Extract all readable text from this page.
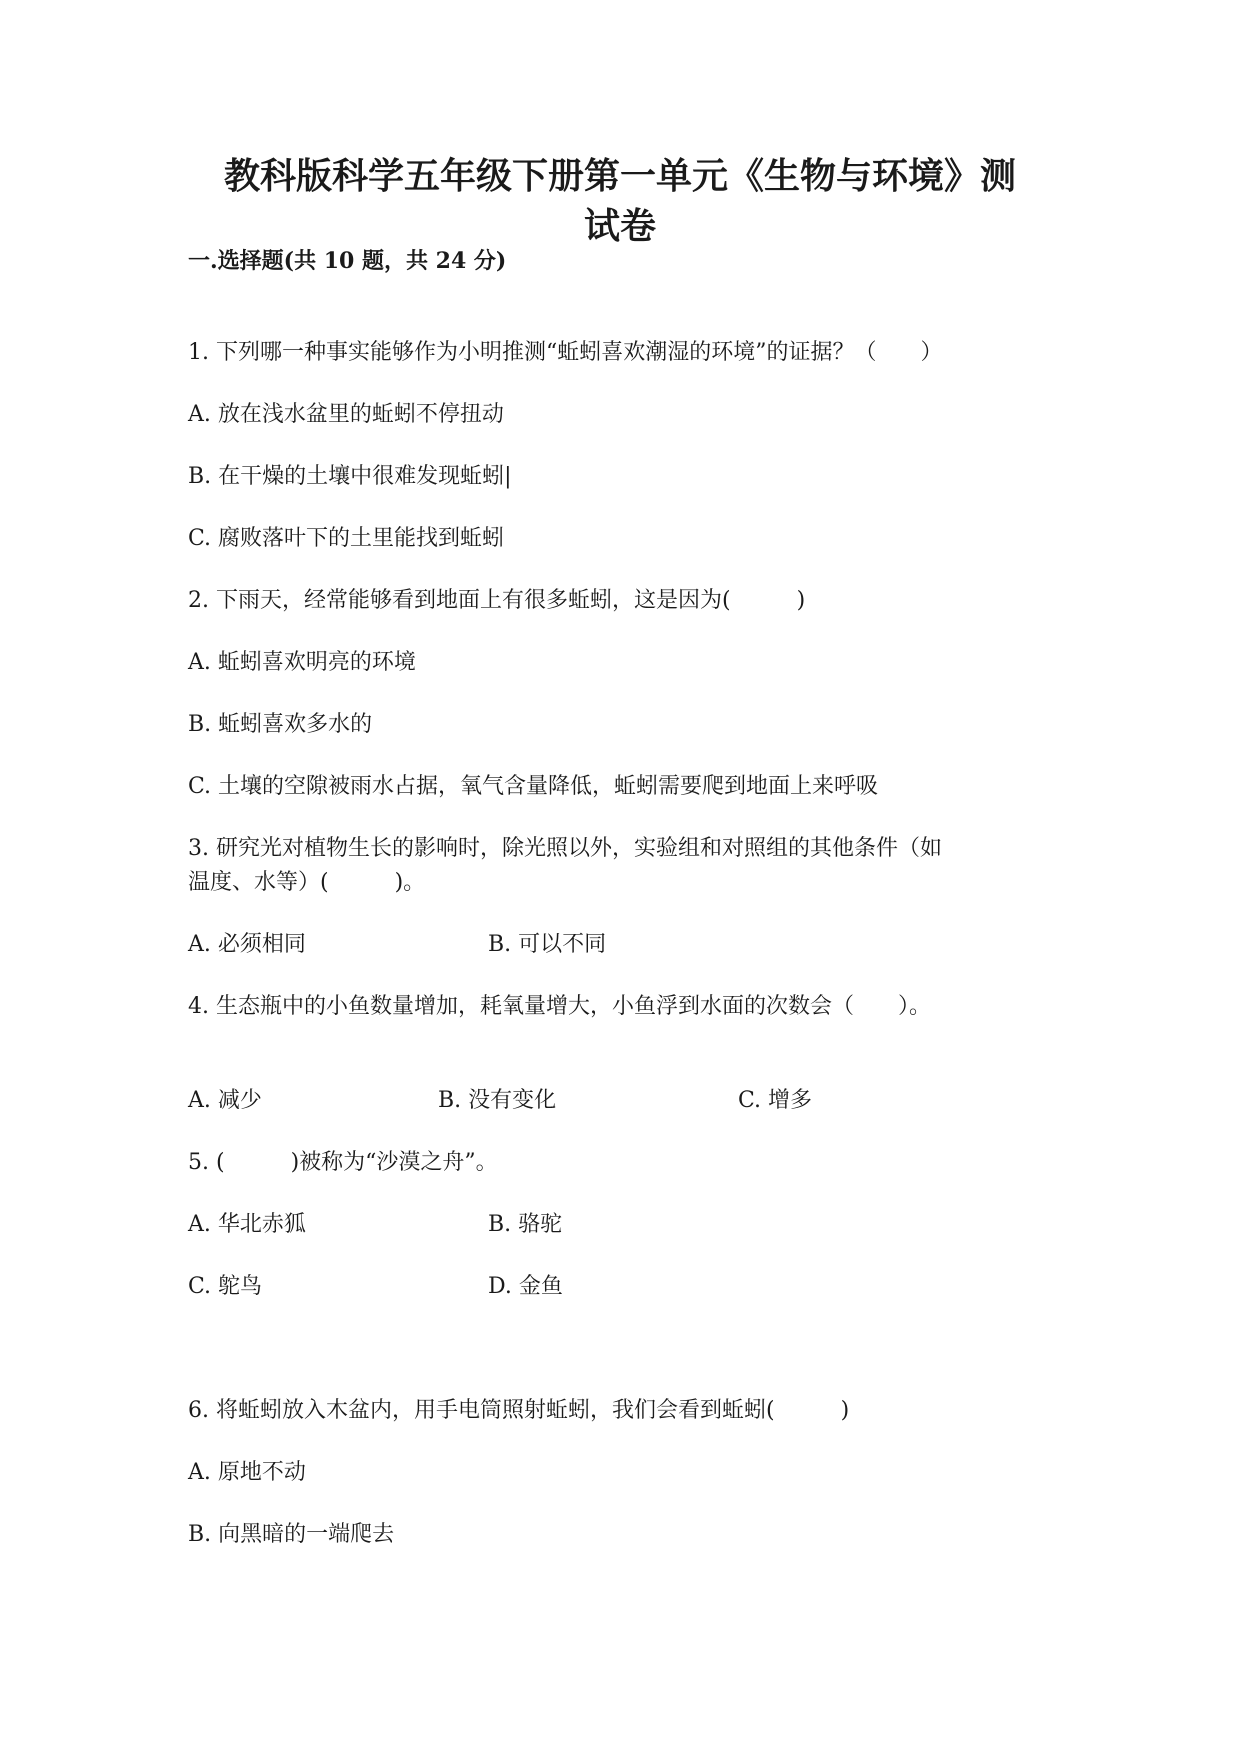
教科版科学五年级下册第一单元《生物与环境》测
试卷

一.选择题(共 10 题，共 24 分)

1. 下列哪一种事实能够作为小明推测“蚯蚓喜欢潮湿的环境”的证据？（　　）

A. 放在浅水盆里的蚯蚓不停扭动

B. 在干燥的土壤中很难发现蚯蚓|

C. 腐败落叶下的土里能找到蚯蚓

2. 下雨天，经常能够看到地面上有很多蚯蚓，这是因为(　　　)

A. 蚯蚓喜欢明亮的环境

B. 蚯蚓喜欢多水的

C. 土壤的空隙被雨水占据，氧气含量降低，蚯蚓需要爬到地面上来呼吸

3. 研究光对植物生长的影响时，除光照以外，实验组和对照组的其他条件（如

温度、水等）(　　　)。

A. 必须相同	B. 可以不同

4. 生态瓶中的小鱼数量增加，耗氧量增大，小鱼浮到水面的次数会（　　）。

A. 减少	B. 没有变化	C. 增多

5. (　　　)被称为“沙漠之舟”。

A. 华北赤狐	B. 骆驼

C. 鸵鸟	D. 金鱼

6. 将蚯蚓放入木盆内，用手电筒照射蚯蚓，我们会看到蚯蚓(　　　)

A. 原地不动

B. 向黑暗的一端爬去
